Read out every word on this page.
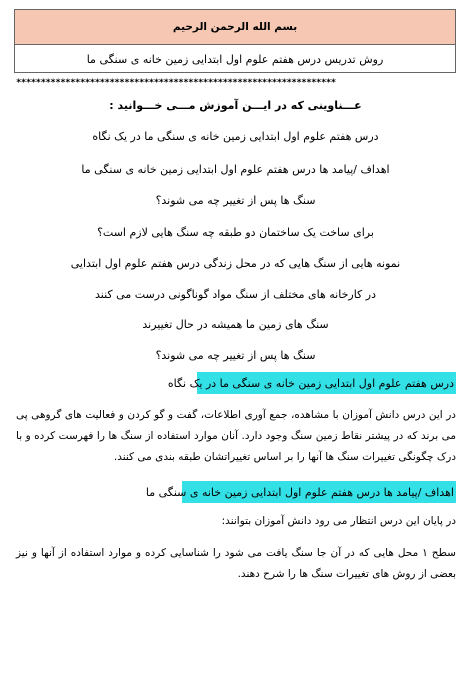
بسم الله الرحمن الرحیم
روش تدریس درس هفتم علوم اول ابتدایی زمین خانه ی سنگی ما
*****************************************************************
عـــناوینی که در ایـــن آموزش مـــی خـــوانید :
درس هفتم علوم اول ابتدایی زمین خانه ی سنگی ما در یک نگاه
اهداف /پیامد ها درس هفتم علوم اول ابتدایی زمین خانه ی سنگی ما
سنگ ها پس از تغییر چه می شوند؟
برای ساخت یک ساختمان دو طبقه چه سنگ هایی لازم است؟
نمونه هایی از سنگ هایی که در محل زندگی درس هفتم علوم اول ابتدایی
در کارخانه های مختلف از سنگ مواد گوناگونی درست می کنند
سنگ های زمین ما همیشه در حال تغییرند
سنگ ها پس از تغییر چه می شوند؟
درس هفتم علوم اول ابتدایی زمین خانه ی سنگی ما در یک نگاه
در این درس دانش آموزان با مشاهده، جمع آوری اطلاعات، گفت و گو کردن و فعالیت های گروهی پی می برند که در پیشتر نقاط زمین سنگ وجود دارد. آنان موارد استفاده از سنگ ها را فهرست کرده و با درک چگونگی تغییرات سنگ ها آنها را بر اساس تغییراتشان طبقه بندی می کنند.
اهداف /پیامد ها درس هفتم علوم اول ابتدایی زمین خانه ی سنگی ما
در پایان این درس انتظار می رود دانش آموزان بتوانند:
سطح ۱ محل هایی که در آن جا سنگ یافت می شود را شناسایی کرده و موارد استفاده از آنها و نیز بعضی از روش های تغییرات سنگ ها را شرح دهند.
